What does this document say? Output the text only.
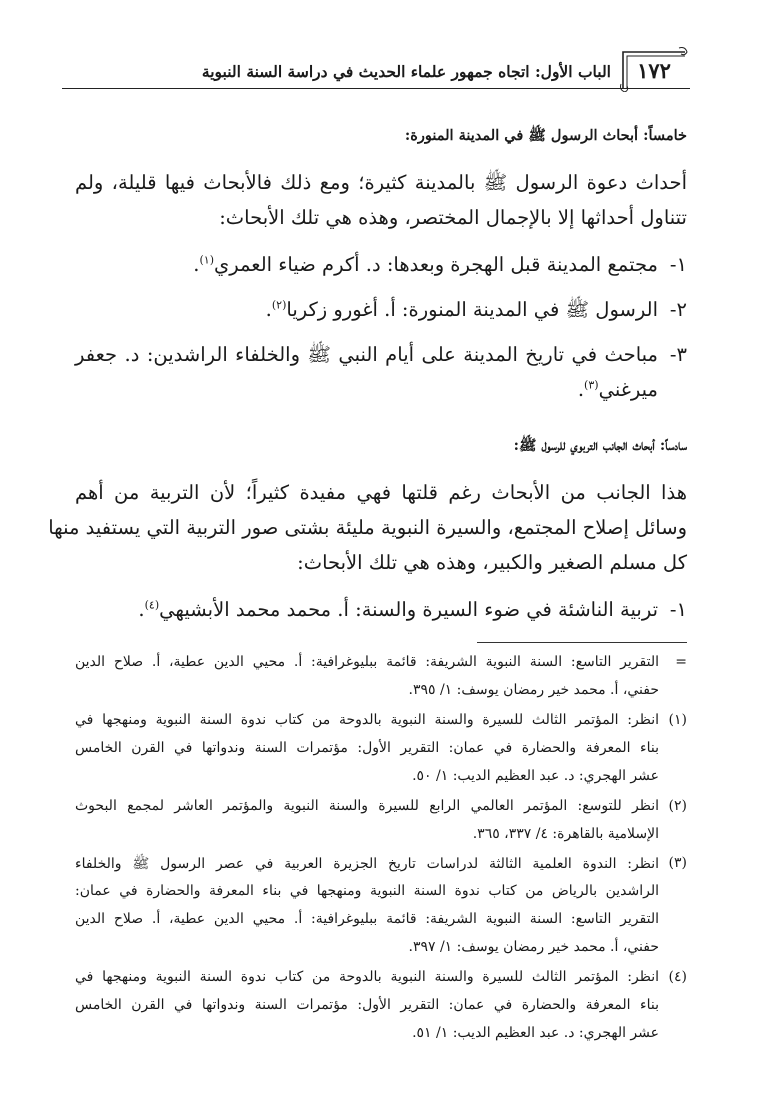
الباب الأول: اتجاه جمهور علماء الحديث في دراسة السنة النبوية	١٧٢
خامساً: أبحاث الرسول ﷺ في المدينة المنورة:
أحداث دعوة الرسول ﷺ بالمدينة كثيرة؛ ومع ذلك فالأبحاث فيها قليلة، ولم
تتناول أحداثها إلا بالإجمال المختصر، وهذه هي تلك الأبحاث:
١-
مجتمع المدينة قبل الهجرة وبعدها: د. أكرم ضياء العمري$^{(١)}$.
٢-
الرسول ﷺ في المدينة المنورة: أ. أغورو زكريا$^{(٢)}$.
٣-
مباحث في تاريخ المدينة على أيام النبي ﷺ والخلفاء الراشدين: د. جعفر
ميرغني$^{(٣)}$.
سادساً: أبحاث الجانب التربوي للرسول ﷺ:
هذا الجانب من الأبحاث رغم قلتها فهي مفيدة كثيراً؛ لأن التربية من أهم
وسائل إصلاح المجتمع، والسيرة النبوية مليئة بشتى صور التربية التي يستفيد منها
كل مسلم الصغير والكبير، وهذه هي تلك الأبحاث:
١-
تربية الناشئة في ضوء السيرة والسنة: أ. محمد محمد الأبشيهي$^{(٤)}$.
=
التقرير التاسع: السنة النبوية الشريفة: قائمة ببليوغرافية: أ. محيي الدين عطية، أ. صلاح الدين
حفني، أ. محمد خير رمضان يوسف: ١/ ٣٩٥.
(١)
انظر: المؤتمر الثالث للسيرة والسنة النبوية بالدوحة من كتاب ندوة السنة النبوية ومنهجها في
بناء المعرفة والحضارة في عمان: التقرير الأول: مؤتمرات السنة وندواتها في القرن الخامس
عشر الهجري: د. عبد العظيم الديب: ١/ ٥٠.
(٢)
انظر للتوسع: المؤتمر العالمي الرابع للسيرة والسنة النبوية والمؤتمر العاشر لمجمع البحوث
الإسلامية بالقاهرة: ٤/ ٣٣٧، ٣٦٥.
(٣)
انظر: الندوة العلمية الثالثة لدراسات تاريخ الجزيرة العربية في عصر الرسول ﷺ والخلفاء
الراشدين بالرياض من كتاب ندوة السنة النبوية ومنهجها في بناء المعرفة والحضارة في عمان:
التقرير التاسع: السنة النبوية الشريفة: قائمة ببليوغرافية: أ. محيي الدين عطية، أ. صلاح الدين
حفني، أ. محمد خير رمضان يوسف: ١/ ٣٩٧.
(٤)
انظر: المؤتمر الثالث للسيرة والسنة النبوية بالدوحة من كتاب ندوة السنة النبوية ومنهجها في
بناء المعرفة والحضارة في عمان: التقرير الأول: مؤتمرات السنة وندواتها في القرن الخامس
عشر الهجري: د. عبد العظيم الديب: ١/ ٥١.
